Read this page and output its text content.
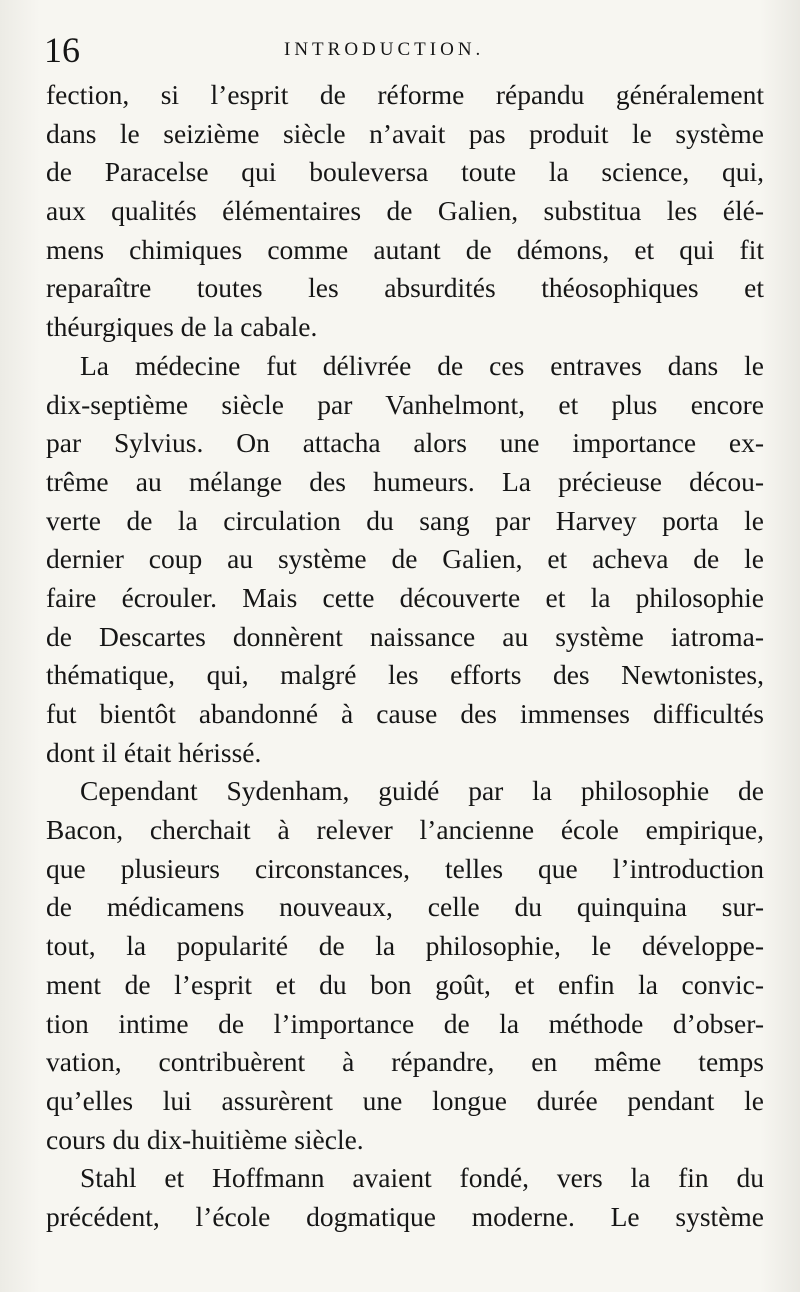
16	INTRODUCTION.
fection, si l’esprit de réforme répandu généralement
dans le seizième siècle n’avait pas produit le système
de Paracelse qui bouleversa toute la science, qui,
aux qualités élémentaires de Galien, substitua les élé-
mens chimiques comme autant de démons, et qui fit
reparaître toutes les absurdités théosophiques et
théurgiques de la cabale.
La médecine fut délivrée de ces entraves dans le
dix-septième siècle par Vanhelmont, et plus encore
par Sylvius. On attacha alors une importance ex-
trême au mélange des humeurs. La précieuse décou-
verte de la circulation du sang par Harvey porta le
dernier coup au système de Galien, et acheva de le
faire écrouler. Mais cette découverte et la philosophie
de Descartes donnèrent naissance au système iatroma-
thématique, qui, malgré les efforts des Newtonistes,
fut bientôt abandonné à cause des immenses difficultés
dont il était hérissé.
Cependant Sydenham, guidé par la philosophie de
Bacon, cherchait à relever l’ancienne école empirique,
que plusieurs circonstances, telles que l’introduction
de médicamens nouveaux, celle du quinquina sur-
tout, la popularité de la philosophie, le développe-
ment de l’esprit et du bon goût, et enfin la convic-
tion intime de l’importance de la méthode d’obser-
vation, contribuèrent à répandre, en même temps
qu’elles lui assurèrent une longue durée pendant le
cours du dix-huitième siècle.
Stahl et Hoffmann avaient fondé, vers la fin du
précédent, l’école dogmatique moderne. Le système
